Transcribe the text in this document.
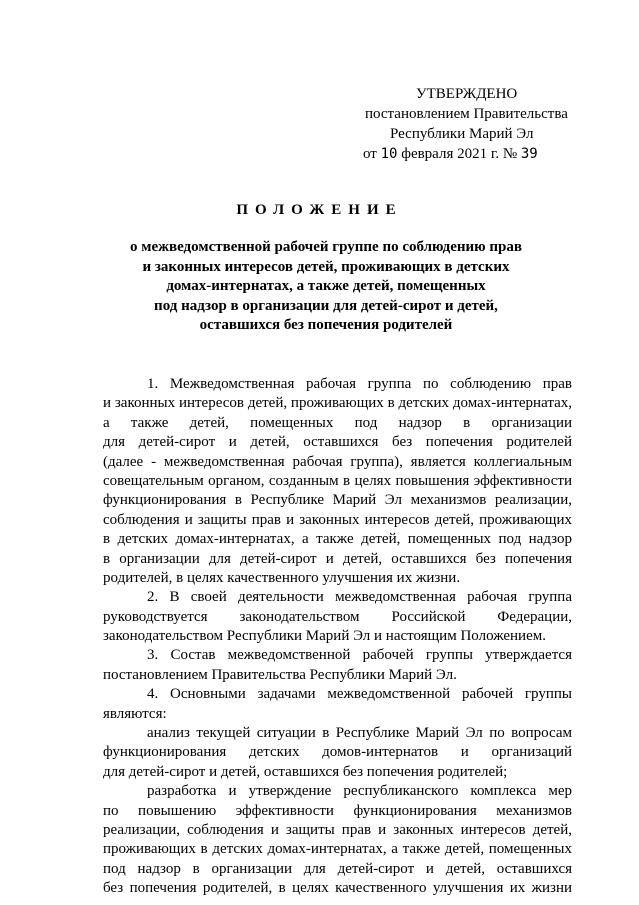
УТВЕРЖДЕНО
постановлением Правительства
Республики Марий Эл
от 10 февраля 2021 г. № 39
ПОЛОЖЕНИЕ
о межведомственной рабочей группе по соблюдению прав
и законных интересов детей, проживающих в детских
домах-интернатах, а также детей, помещенных
под надзор в организации для детей-сирот и детей,
оставшихся без попечения родителей
1. Межведомственная рабочая группа по соблюдению прав
и законных интересов детей, проживающих в детских домах-интернатах,
а также детей, помещенных под надзор в организации
для детей-сирот и детей, оставшихся без попечения родителей
(далее - межведомственная рабочая группа), является коллегиальным
совещательным органом, созданным в целях повышения эффективности
функционирования в Республике Марий Эл механизмов реализации,
соблюдения и защиты прав и законных интересов детей, проживающих
в детских домах-интернатах, а также детей, помещенных под надзор
в организации для детей-сирот и детей, оставшихся без попечения
родителей, в целях качественного улучшения их жизни.
2. В своей деятельности межведомственная рабочая группа
руководствуется законодательством Российской Федерации,
законодательством Республики Марий Эл и настоящим Положением.
3. Состав межведомственной рабочей группы утверждается
постановлением Правительства Республики Марий Эл.
4. Основными задачами межведомственной рабочей группы
являются:
анализ текущей ситуации в Республике Марий Эл по вопросам
функционирования детских домов-интернатов и организаций
для детей-сирот и детей, оставшихся без попечения родителей;
разработка и утверждение республиканского комплекса мер
по повышению эффективности функционирования механизмов
реализации, соблюдения и защиты прав и законных интересов детей,
проживающих в детских домах-интернатах, а также детей, помещенных
под надзор в организации для детей-сирот и детей, оставшихся
без попечения родителей, в целях качественного улучшения их жизни
